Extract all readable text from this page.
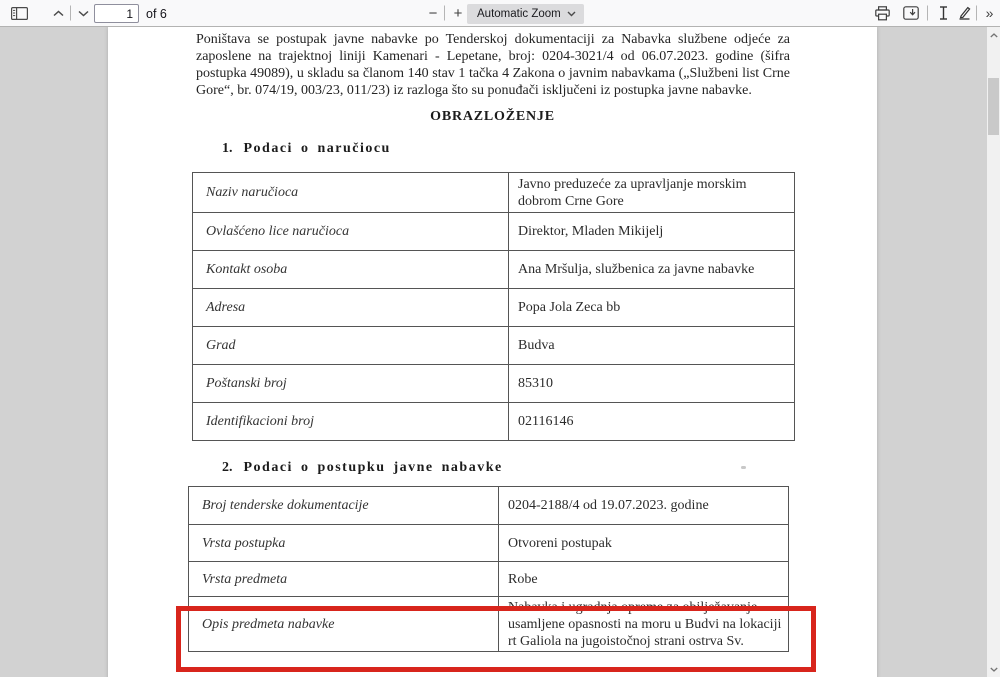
1
of 6	− + Automatic Zoom	»

Poništava se postupak javne nabavke po Tenderskoj dokumentaciji za Nabavka službene odjeće za zaposlene na trajektnoj liniji Kamenari - Lepetane, broj: 0204-3021/4 od 06.07.2023. godine (šifra postupka 49089), u skladu sa članom 140 stav 1 tačka 4 Zakona o javnim nabavkama („Službeni list Crne Gore“, br. 074/19, 003/23, 011/23) iz razloga što su ponuđači isključeni iz postupka javne nabavke.

OBRAZLOŽENJE
1. Podaci o naručiocu
Naziv naručioca	Javno preduzeće za upravljanje morskim dobrom Crne Gore
Ovlašćeno lice naručioca	Direktor, Mladen Mikijelj
Kontakt osoba	Ana Mršulja, službenica za javne nabavke
Adresa	Popa Jola Zeca bb
Grad	Budva
Poštanski broj	85310
Identifikacioni broj	02116146
2. Podaci o postupku javne nabavke
Broj tenderske dokumentacije	0204-2188/4 od 19.07.2023. godine
Vrsta postupka	Otvoreni postupak
Vrsta predmeta	Robe
Opis predmeta nabavke	Nabavka i ugradnja opreme za obilježavanje usamljene opasnosti na moru u Budvi na lokaciji rt Galiola na jugoistočnoj strani ostrva Sv.
